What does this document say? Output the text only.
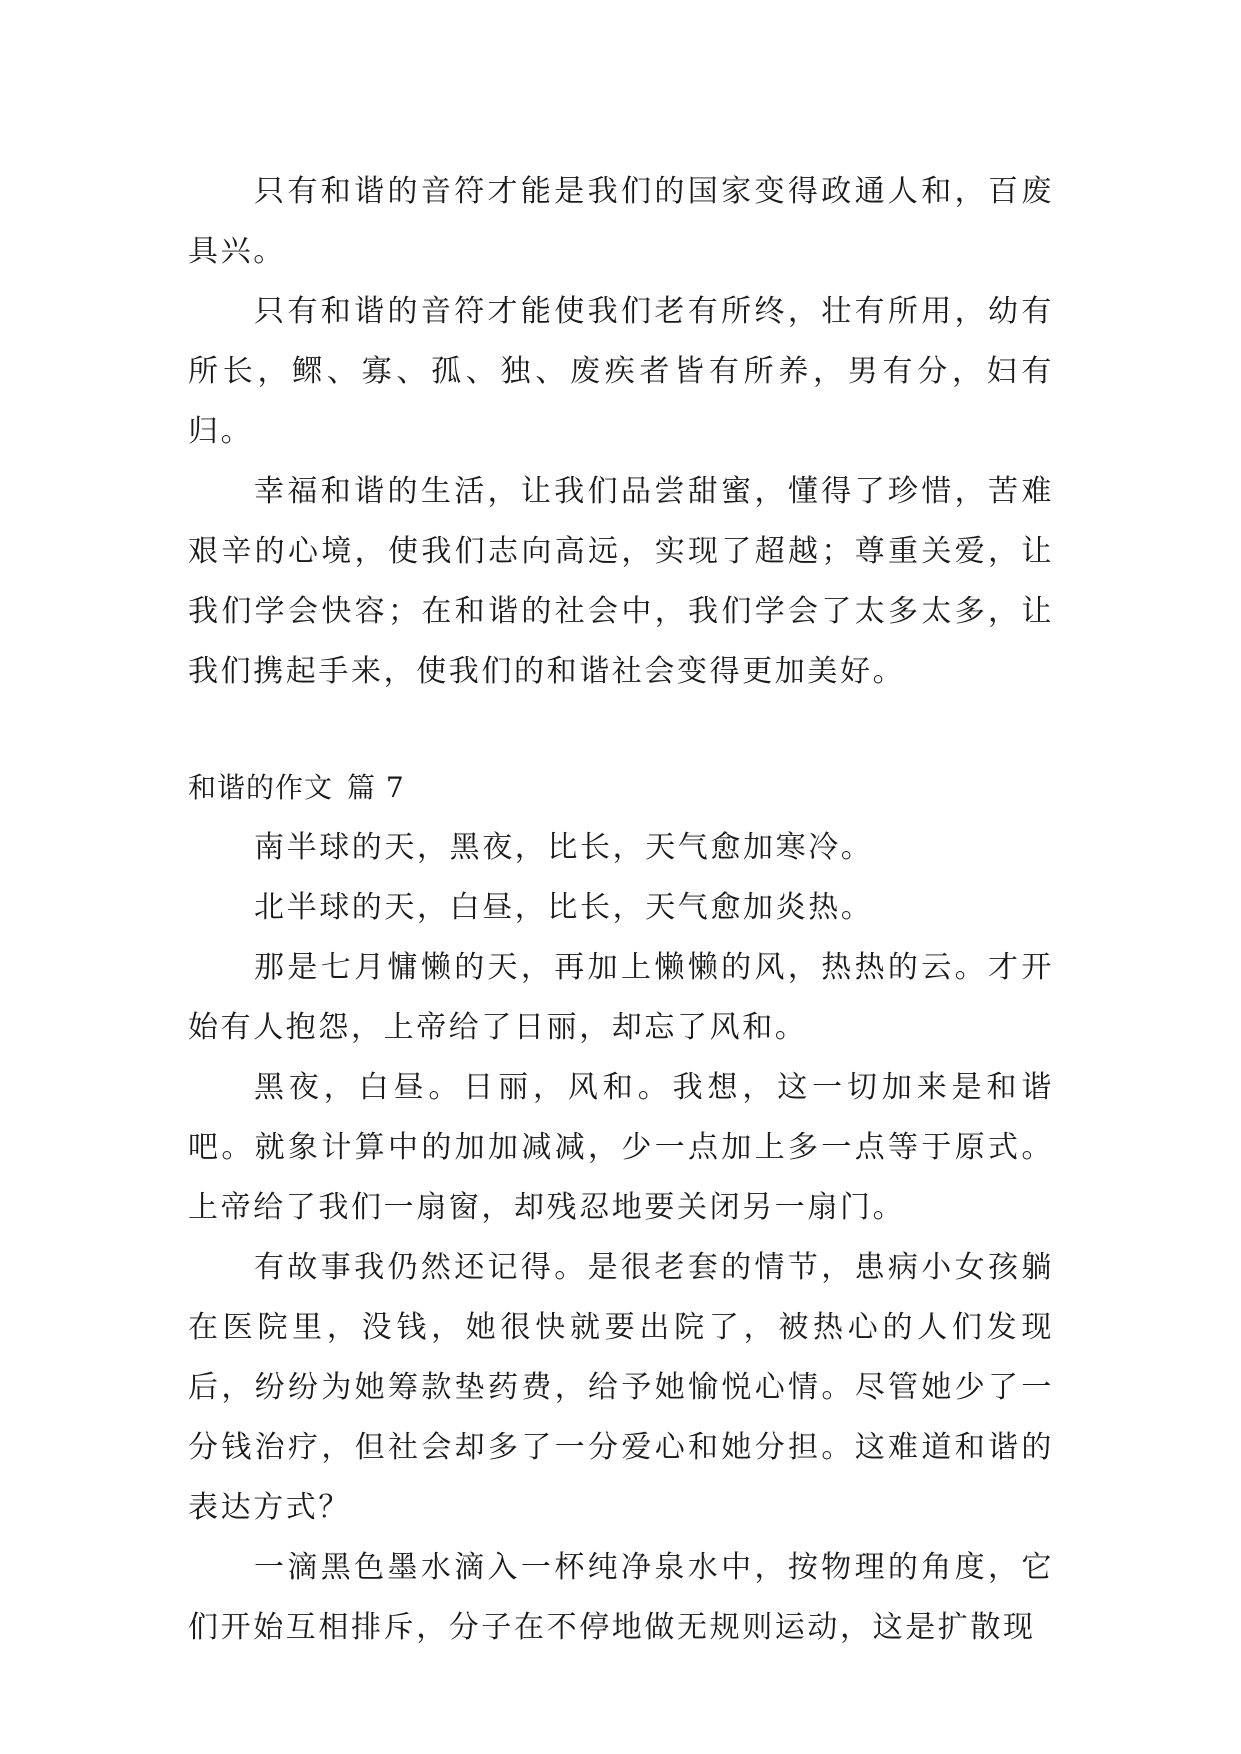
只有和谐的音符才能是我们的国家变得政通人和，百废具兴。

只有和谐的音符才能使我们老有所终，壮有所用，幼有所长，鳏、寡、孤、独、废疾者皆有所养，男有分，妇有归。

幸福和谐的生活，让我们品尝甜蜜，懂得了珍惜，苦难艰辛的心境，使我们志向高远，实现了超越；尊重关爱，让我们学会快容；在和谐的社会中，我们学会了太多太多，让我们携起手来，使我们的和谐社会变得更加美好。

和谐的作文 篇 7

南半球的天，黑夜，比长，天气愈加寒冷。

北半球的天，白昼，比长，天气愈加炎热。

那是七月慵懒的天，再加上懒懒的风，热热的云。才开始有人抱怨，上帝给了日丽，却忘了风和。

黑夜，白昼。日丽，风和。我想，这一切加来是和谐吧。就象计算中的加加减减，少一点加上多一点等于原式。上帝给了我们一扇窗，却残忍地要关闭另一扇门。

有故事我仍然还记得。是很老套的情节，患病小女孩躺在医院里，没钱，她很快就要出院了，被热心的人们发现后，纷纷为她筹款垫药费，给予她愉悦心情。尽管她少了一分钱治疗，但社会却多了一分爱心和她分担。这难道和谐的表达方式？

一滴黑色墨水滴入一杯纯净泉水中，按物理的角度，它们开始互相排斥，分子在不停地做无规则运动，这是扩散现
